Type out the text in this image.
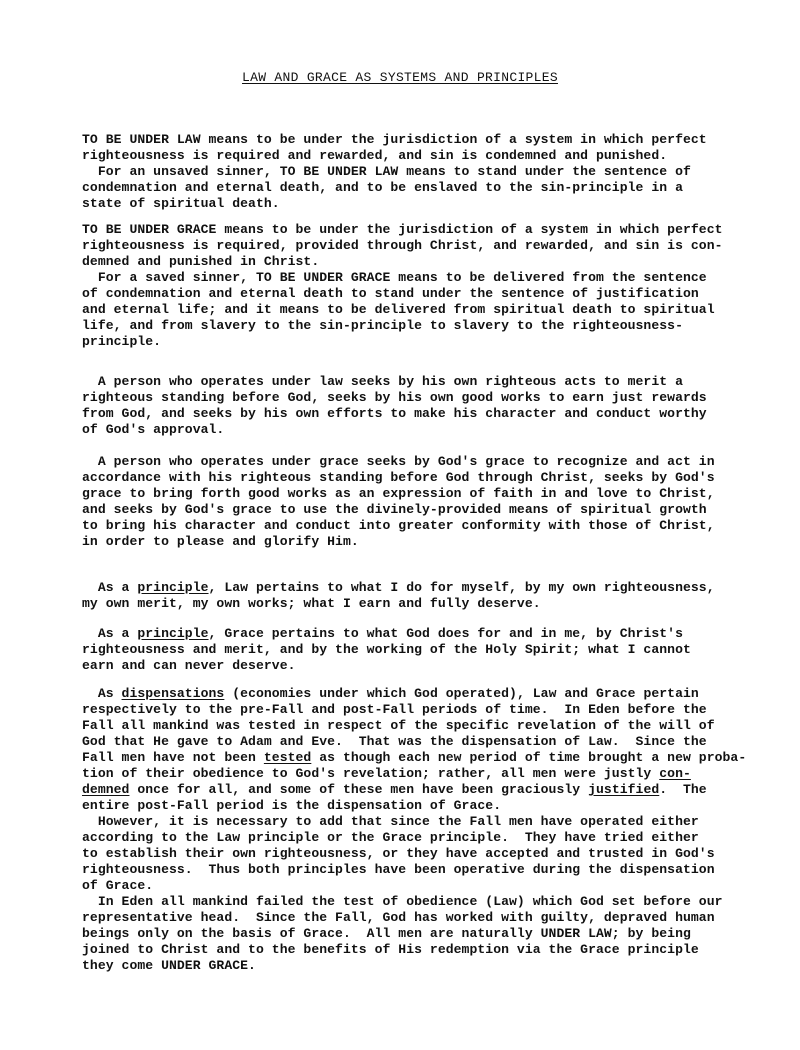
LAW AND GRACE AS SYSTEMS AND PRINCIPLES
TO BE UNDER LAW means to be under the jurisdiction of a system in which perfect
righteousness is required and rewarded, and sin is condemned and punished.
For an unsaved sinner, TO BE UNDER LAW means to stand under the sentence of
condemnation and eternal death, and to be enslaved to the sin-principle in a
state of spiritual death.
TO BE UNDER GRACE means to be under the jurisdiction of a system in which perfect
righteousness is required, provided through Christ, and rewarded, and sin is con-
demned and punished in Christ.
For a saved sinner, TO BE UNDER GRACE means to be delivered from the sentence
of condemnation and eternal death to stand under the sentence of justification
and eternal life; and it means to be delivered from spiritual death to spiritual
life, and from slavery to the sin-principle to slavery to the righteousness-
principle.
A person who operates under law seeks by his own righteous acts to merit a
righteous standing before God, seeks by his own good works to earn just rewards
from God, and seeks by his own efforts to make his character and conduct worthy
of God's approval.
A person who operates under grace seeks by God's grace to recognize and act in
accordance with his righteous standing before God through Christ, seeks by God's
grace to bring forth good works as an expression of faith in and love to Christ,
and seeks by God's grace to use the divinely-provided means of spiritual growth
to bring his character and conduct into greater conformity with those of Christ,
in order to please and glorify Him.
As a principle, Law pertains to what I do for myself, by my own righteousness,
my own merit, my own works; what I earn and fully deserve.
As a principle, Grace pertains to what God does for and in me, by Christ's
righteousness and merit, and by the working of the Holy Spirit; what I cannot
earn and can never deserve.
As dispensations (economies under which God operated), Law and Grace pertain
respectively to the pre-Fall and post-Fall periods of time.  In Eden before the
Fall all mankind was tested in respect of the specific revelation of the will of
God that He gave to Adam and Eve.  That was the dispensation of Law.  Since the
Fall men have not been tested as though each new period of time brought a new proba-
tion of their obedience to God's revelation; rather, all men were justly con-
demned once for all, and some of these men have been graciously justified.  The
entire post-Fall period is the dispensation of Grace.
However, it is necessary to add that since the Fall men have operated either
according to the Law principle or the Grace principle.  They have tried either
to establish their own righteousness, or they have accepted and trusted in God's
righteousness.  Thus both principles have been operative during the dispensation
of Grace.
In Eden all mankind failed the test of obedience (Law) which God set before our
representative head.  Since the Fall, God has worked with guilty, depraved human
beings only on the basis of Grace.  All men are naturally UNDER LAW; by being
joined to Christ and to the benefits of His redemption via the Grace principle
they come UNDER GRACE.
